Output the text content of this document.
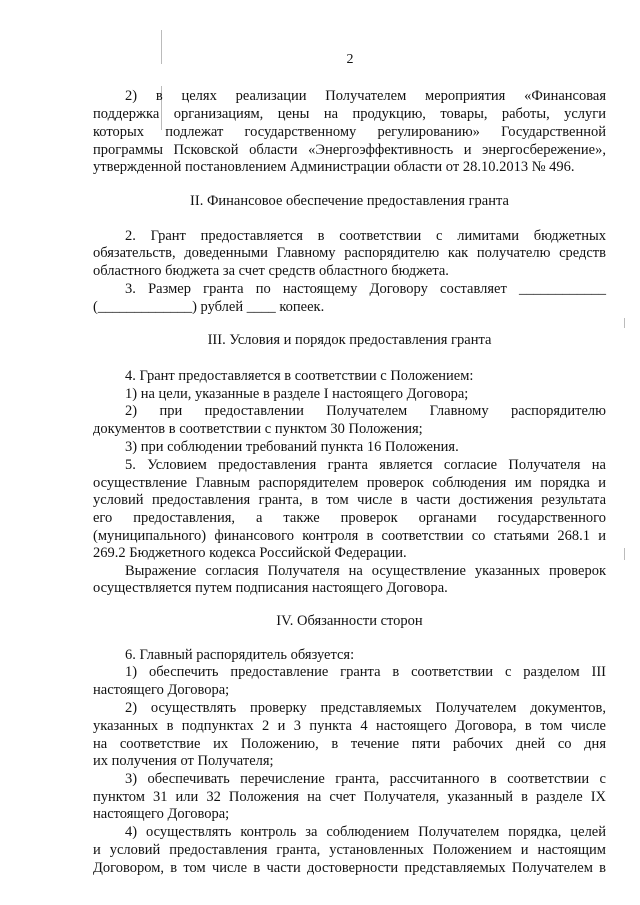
2
2) в целях реализации Получателем мероприятия «Финансовая
поддержка организациям, цены на продукцию, товары, работы, услуги
которых подлежат государственному регулированию» Государственной
программы Псковской области «Энергоэффективность и энергосбережение»,
утвержденной постановлением Администрации области от 28.10.2013 № 496.
II. Финансовое обеспечение предоставления гранта
2. Грант предоставляется в соответствии с лимитами бюджетных
обязательств, доведенными Главному распорядителю как получателю средств
областного бюджета за счет средств областного бюджета.
3. Размер гранта по настоящему Договору составляет ____________
(_____________) рублей ____ копеек.
III. Условия и порядок предоставления гранта
4. Грант предоставляется в соответствии с Положением:
1) на цели, указанные в разделе I настоящего Договора;
2) при предоставлении Получателем Главному распорядителю
документов в соответствии с пунктом 30 Положения;
3) при соблюдении требований пункта 16 Положения.
5. Условием предоставления гранта является согласие Получателя на
осуществление Главным распорядителем проверок соблюдения им порядка и
условий предоставления гранта, в том числе в части достижения результата
его предоставления, а также проверок органами государственного
(муниципального) финансового контроля в соответствии со статьями 268.1 и
269.2 Бюджетного кодекса Российской Федерации.
Выражение согласия Получателя на осуществление указанных проверок
осуществляется путем подписания настоящего Договора.
IV. Обязанности сторон
6. Главный распорядитель обязуется:
1) обеспечить предоставление гранта в соответствии с разделом III
настоящего Договора;
2) осуществлять проверку представляемых Получателем документов,
указанных в подпунктах 2 и 3 пункта 4 настоящего Договора, в том числе
на соответствие их Положению, в течение пяти рабочих дней со дня
их получения от Получателя;
3) обеспечивать перечисление гранта, рассчитанного в соответствии с
пунктом 31 или 32 Положения на счет Получателя, указанный в разделе IX
настоящего Договора;
4) осуществлять контроль за соблюдением Получателем порядка, целей
и условий предоставления гранта, установленных Положением и настоящим
Договором, в том числе в части достоверности представляемых Получателем в
